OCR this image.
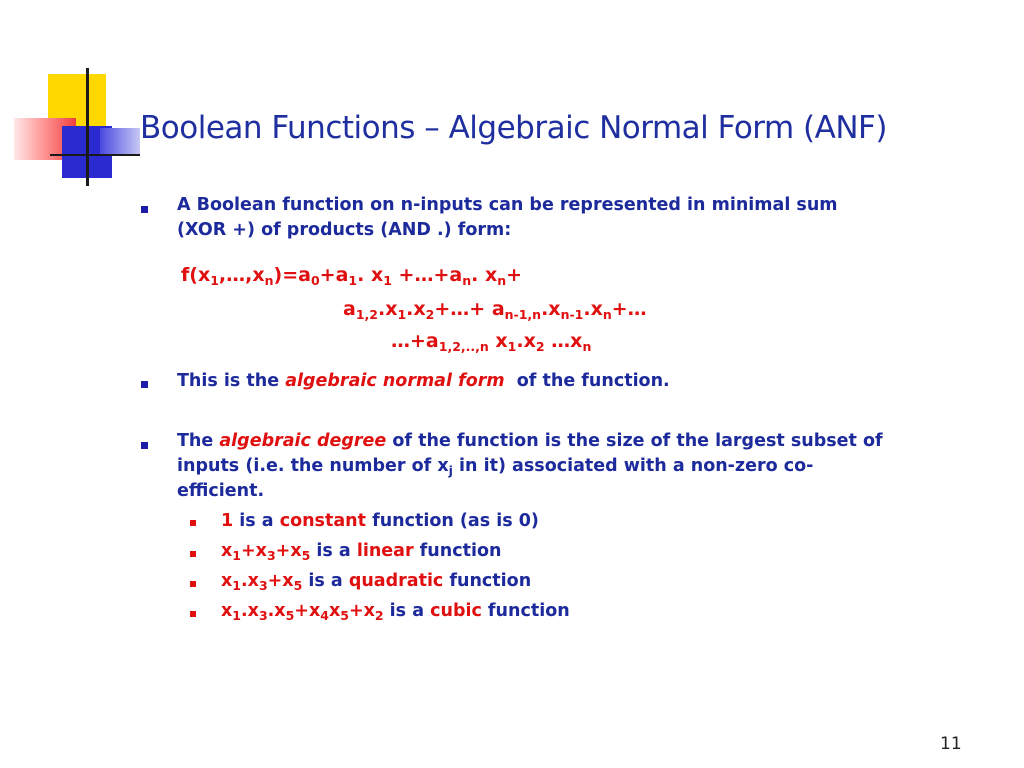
Boolean Functions – Algebraic Normal Form (ANF)
A Boolean function on n-inputs can be represented in minimal sum
(XOR +) of products (AND .) form:
$f(x_1,\dots,x_n)=a_0+a_1$. $x_1$ $+\dots+a_n$. $x_n+$
$a_{1,2}.x_1.x_2+\dots+$ $a_{n-1,n}.x_{n-1}.x_n+\dots$
$\dots+a_{1,2,..,n}$ $x_1.x_2$ $\dots x_n$
This is the algebraic normal form  of the function.
The algebraic degree of the function is the size of the largest subset of
inputs (i.e. the number of $x_j$ in it) associated with a non-zero co-
efficient.
1 is a constant function (as is 0)
$x_1+x_3+x_5$ is a linear function
$x_1.x_3+x_5$ is a quadratic function
$x_1.x_3.x_5+x_4x_5+x_2$ is a cubic function
11
